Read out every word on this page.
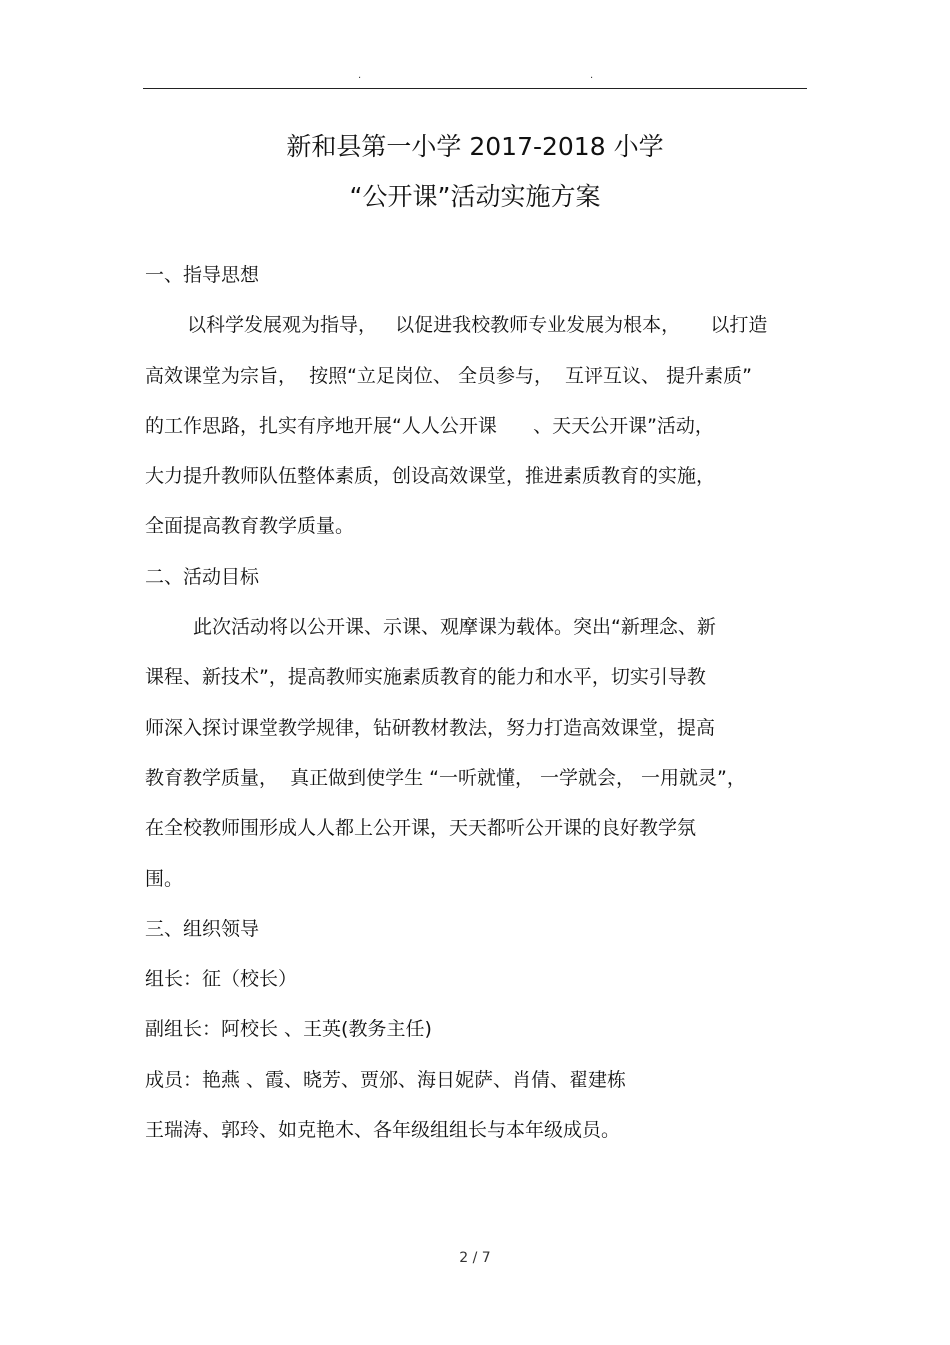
.	.
新和县第一小学 2017-2018 小学
“公开课”活动实施方案
一、指导思想
以科学发展观为指导，   以促进我校教师专业发展为根本，     以打造
高效课堂为宗旨，  按照“立足岗位、 全员参与，  互评互议、 提升素质”
的工作思路，扎实有序地开展“人人公开课      、天天公开课”活动，
大力提升教师队伍整体素质，创设高效课堂，推进素质教育的实施，
全面提高教育教学质量。
二、活动目标
此次活动将以公开课、示课、观摩课为载体。突出“新理念、新
课程、新技术”，提高教师实施素质教育的能力和水平，切实引导教
师深入探讨课堂教学规律，钻研教材教法，努力打造高效课堂，提高
教育教学质量，  真正做到使学生 “一听就懂， 一学就会， 一用就灵”，
在全校教师围形成人人都上公开课，天天都听公开课的良好教学氛
围。
三、组织领导
组长：征（校长）
副组长：阿校长 、王英(教务主任)
成员：艳燕 、霞、晓芳、贾邠、海日妮萨、肖倩、翟建栋
王瑞涛、郭玲、如克艳木、各年级组组长与本年级成员。
2 / 7
